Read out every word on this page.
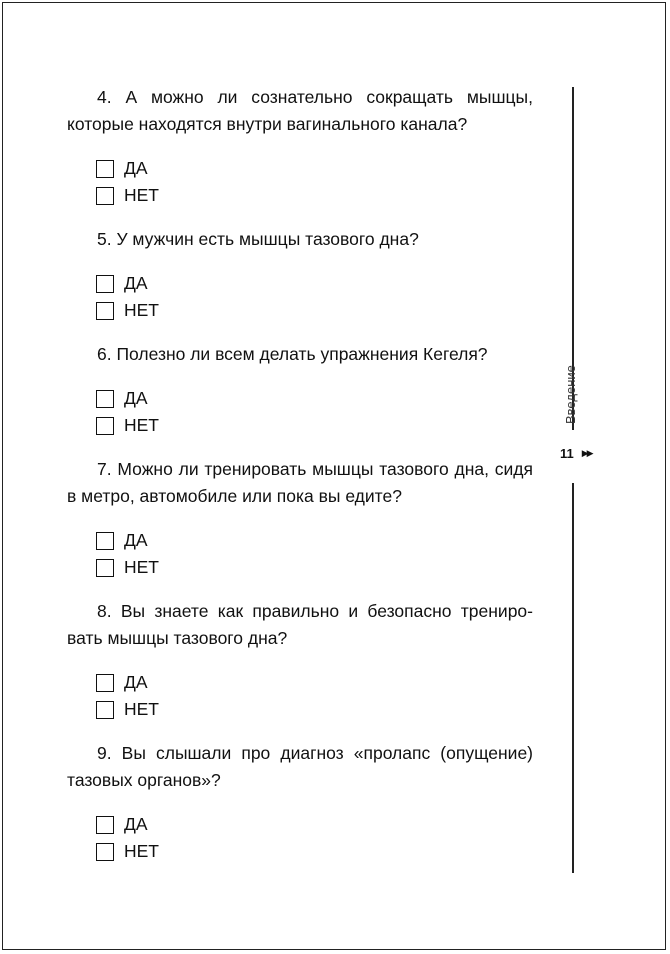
4. А можно ли сознательно сокращать мышцы, которые находятся внутри вагинального канала?

ДА
НЕТ

5. У мужчин есть мышцы тазового дна?

ДА
НЕТ

6. Полезно ли всем делать упражнения Кегеля?

ДА
НЕТ

7. Можно ли тренировать мышцы тазового дна, сидя в метро, автомобиле или пока вы едите?

ДА
НЕТ

8. Вы знаете как правильно и безопасно трениро-вать мышцы тазового дна?

ДА
НЕТ

9. Вы слышали про диагноз «пролапс (опущение) тазовых органов»?

ДА
НЕТ
Введение
11 ▶▶
